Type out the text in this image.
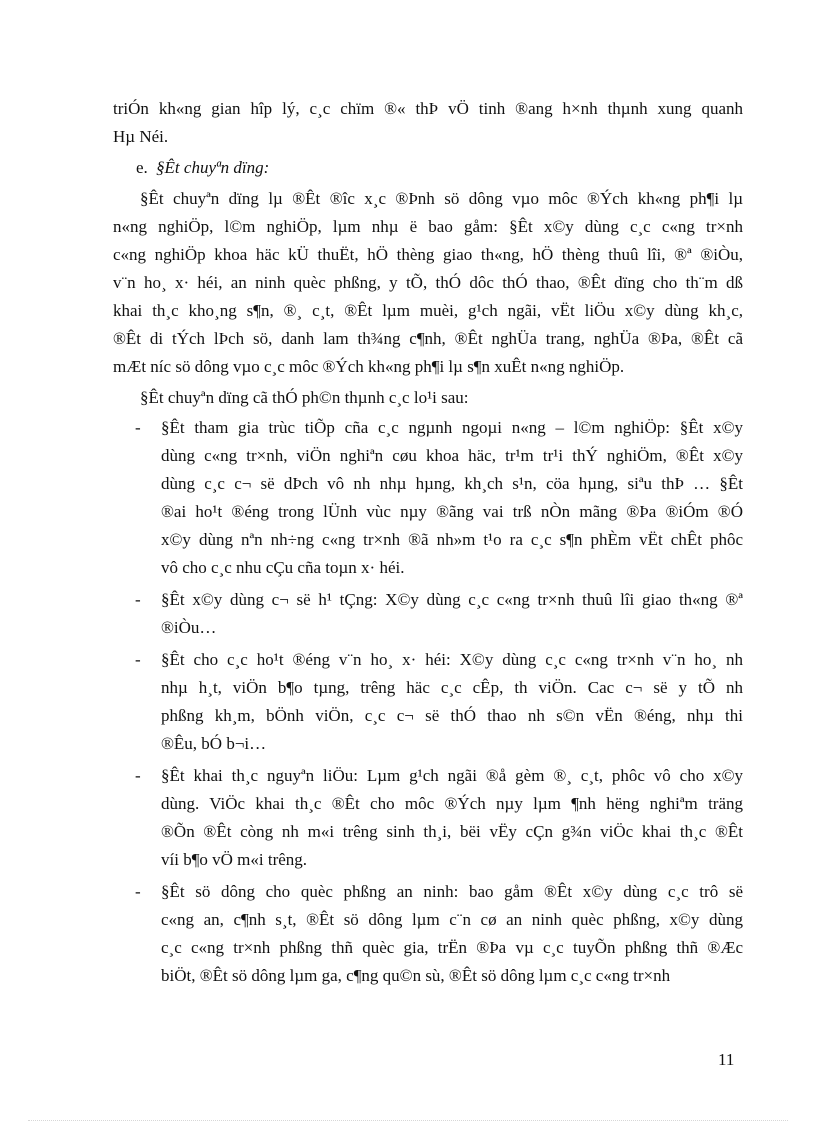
triÓn kh«ng gian hîp lý, c¸c chïm ®« thÞ vÖ tinh ®ang h×nh thµnh xung quanh
Hµ Néi.
e. §Êt chuyªn dïng:
§Êt chuyªn dïng lµ ®Êt ®îc x¸c ®Þnh sö dông vµo môc ®Ých kh«ng ph¶i lµ
n«ng nghiÖp, l©m nghiÖp, lµm nhµ ë bao gåm: §Êt x©y dùng c¸c c«ng tr×nh
c«ng nghiÖp khoa häc kÜ thuËt, hÖ thèng giao th«ng, hÖ thèng thuû lîi, ®ª ®iÒu,
v¨n ho¸ x· héi, an ninh quèc phßng, y tÕ, thÓ dôc thÓ thao, ®Êt dïng cho th¨m dß
khai th¸c kho¸ng s¶n, ®¸ c¸t, ®Êt lµm muèi, g¹ch ngãi, vËt liÖu x©y dùng kh¸c,
®Êt di tÝch lÞch sö, danh lam th¾ng c¶nh, ®Êt nghÜa trang, nghÜa ®Þa, ®Êt cã
mÆt níc sö dông vµo c¸c môc ®Ých kh«ng ph¶i lµ s¶n xuÊt n«ng nghiÖp.
§Êt chuyªn dïng cã thÓ ph©n thµnh c¸c lo¹i sau:
- §Êt tham gia trùc tiÕp cña c¸c ngµnh ngoµi n«ng – l©m nghiÖp: §Êt x©y
dùng c«ng tr×nh, viÖn nghiªn cøu khoa häc, tr¹m tr¹i thÝ nghiÖm, ®Êt x©y
dùng c¸c c¬ së dÞch vô nh nhµ hµng, kh¸ch s¹n, cöa hµng, siªu thÞ … §Êt
®ai ho¹t ®éng trong lÜnh vùc nµy ®ãng vai trß nÒn mãng ®Þa ®iÓm ®Ó
x©y dùng nªn nh÷ng c«ng tr×nh ®ã nh»m t¹o ra c¸c s¶n phÈm vËt chÊt phôc
vô cho c¸c nhu cÇu cña toµn x· héi.
- §Êt x©y dùng c¬ së h¹ tÇng: X©y dùng c¸c c«ng tr×nh thuû lîi giao th«ng ®ª
®iÒu…
- §Êt cho c¸c ho¹t ®éng v¨n ho¸ x· héi: X©y dùng c¸c c«ng tr×nh v¨n ho¸ nh
nhµ h¸t, viÖn b¶o tµng, trêng häc c¸c cÊp, th viÖn. Cac c¬ së y tÕ nh
phßng kh¸m, bÖnh viÖn, c¸c c¬ së thÓ thao nh s©n vËn ®éng, nhµ thi
®Êu, bÓ b¬i…
- §Êt khai th¸c nguyªn liÖu: Lµm g¹ch ngãi ®å gèm ®¸ c¸t, phôc vô cho x©y
dùng. ViÖc khai th¸c ®Êt cho môc ®Ých nµy lµm ¶nh hëng nghiªm träng
®Õn ®Êt còng nh m«i trêng sinh th¸i, bëi vËy cÇn g¾n viÖc khai th¸c ®Êt
víi b¶o vÖ m«i trêng.
- §Êt sö dông cho quèc phßng an ninh: bao gåm ®Êt x©y dùng c¸c trô së
c«ng an, c¶nh s¸t, ®Êt sö dông lµm c¨n cø an ninh quèc phßng, x©y dùng
c¸c c«ng tr×nh phßng thñ quèc gia, trËn ®Þa vµ c¸c tuyÕn phßng thñ ®Æc
biÖt, ®Êt sö dông lµm ga, c¶ng qu©n sù, ®Êt sö dông lµm c¸c c«ng tr×nh
11
